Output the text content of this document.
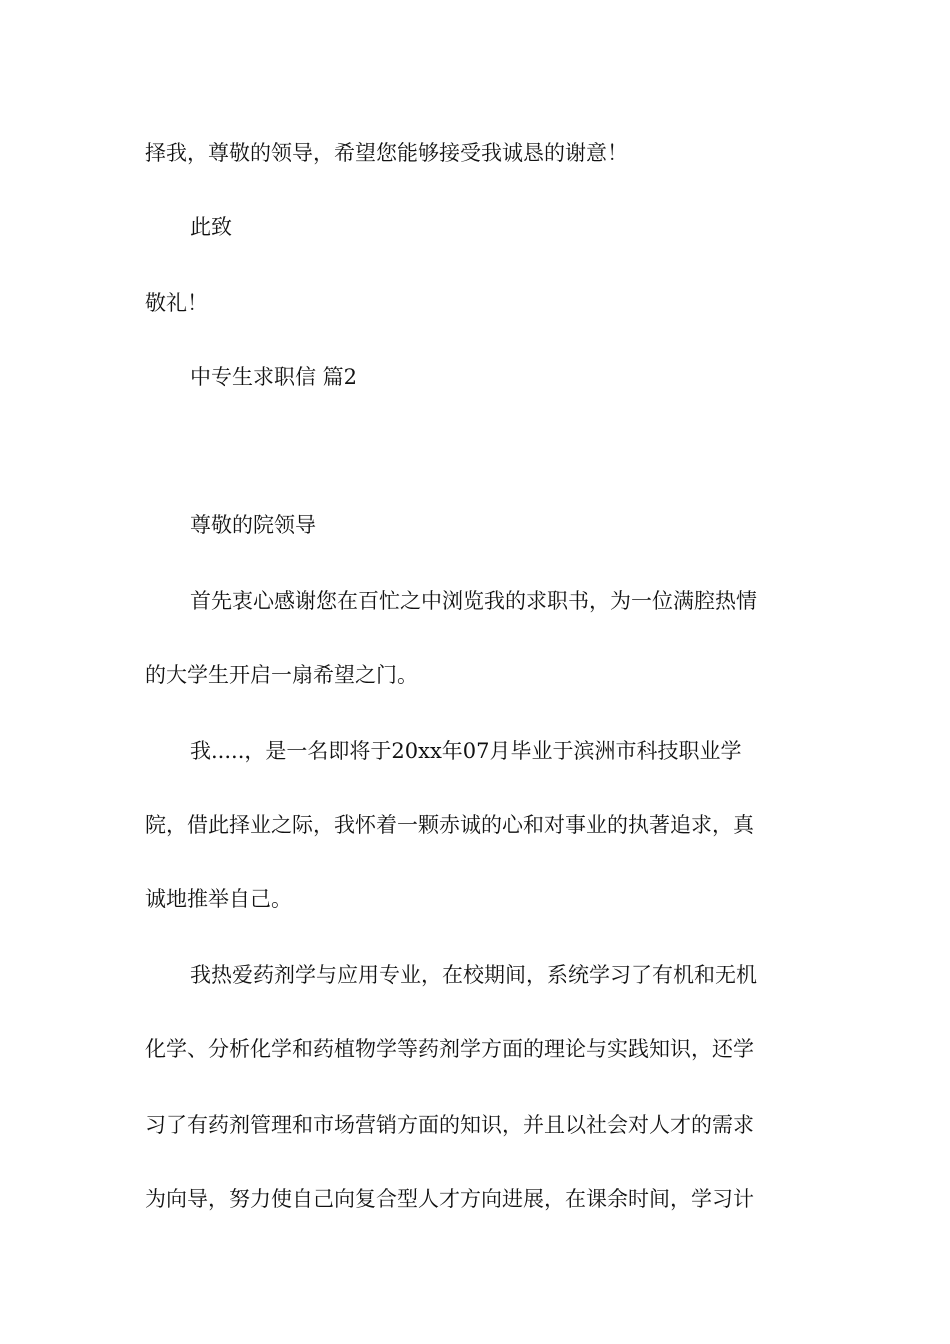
择我，尊敬的领导，希望您能够接受我诚恳的谢意！
此致
敬礼！
中专生求职信 篇2
尊敬的院领导
首先衷心感谢您在百忙之中浏览我的求职书，为一位满腔热情
的大学生开启一扇希望之门。
我.....，是一名即将于20xx年07月毕业于滨洲市科技职业学
院，借此择业之际，我怀着一颗赤诚的心和对事业的执著追求，真
诚地推举自己。
我热爱药剂学与应用专业，在校期间，系统学习了有机和无机
化学、分析化学和药植物学等药剂学方面的理论与实践知识，还学
习了有药剂管理和市场营销方面的知识，并且以社会对人才的需求
为向导，努力使自己向复合型人才方向进展，在课余时间，学习计
